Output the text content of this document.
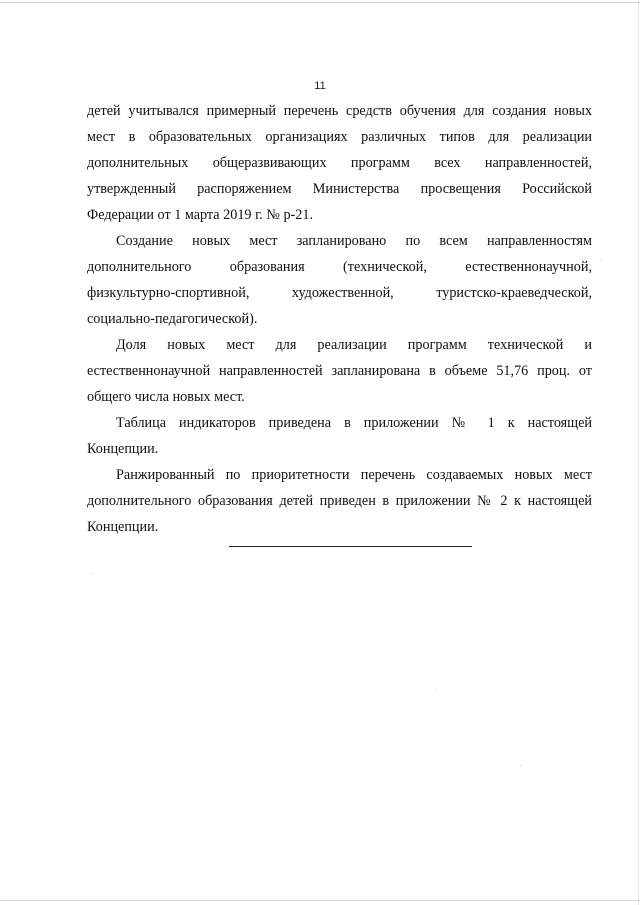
11
детей учитывался примерный перечень средств обучения для создания новых
мест в образовательных организациях различных типов для реализации
дополнительных общеразвивающих программ всех направленностей,
утвержденный распоряжением Министерства просвещения Российской
Федерации от 1 марта 2019 г. № р-21.
Создание новых мест запланировано по всем направленностям
дополнительного образования (технической, естественнонаучной,
физкультурно-спортивной, художественной, туристско-краеведческой,
социально-педагогической).
Доля новых мест для реализации программ технической и
естественнонаучной направленностей запланирована в объеме 51,76 проц. от
общего числа новых мест.
Таблица индикаторов приведена в приложении № 1 к настоящей
Концепции.
Ранжированный по приоритетности перечень создаваемых новых мест
дополнительного образования детей приведен в приложении № 2 к настоящей
Концепции.
